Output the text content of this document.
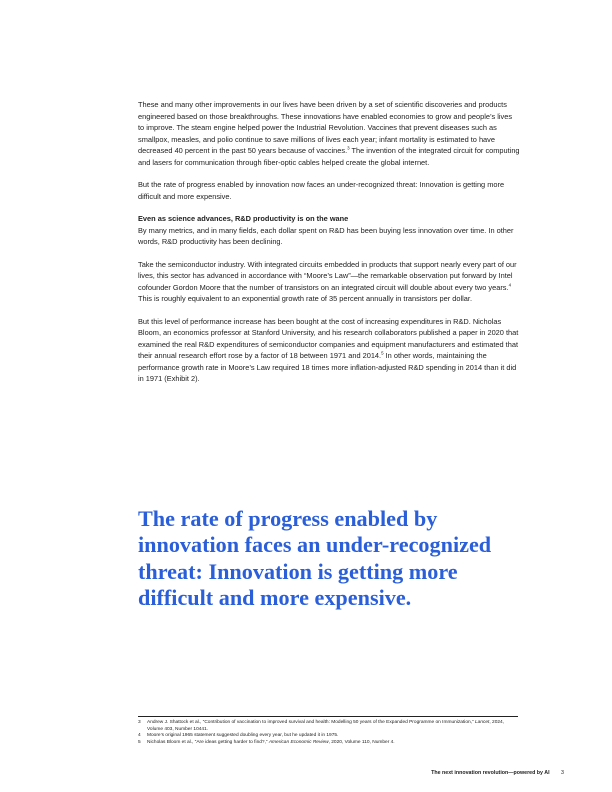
These and many other improvements in our lives have been driven by a set of scientific discoveries and products engineered based on those breakthroughs. These innovations have enabled economies to grow and people’s lives to improve. The steam engine helped power the Industrial Revolution. Vaccines that prevent diseases such as smallpox, measles, and polio continue to save millions of lives each year; infant mortality is estimated to have decreased 40 percent in the past 50 years because of vaccines.$^3$ The invention of the integrated circuit for computing and lasers for communication through fiber-optic cables helped create the global internet.

But the rate of progress enabled by innovation now faces an under-recognized threat: Innovation is getting more difficult and more expensive.

Even as science advances, R&D productivity is on the wane

By many metrics, and in many fields, each dollar spent on R&D has been buying less innovation over time. In other words, R&D productivity has been declining.

Take the semiconductor industry. With integrated circuits embedded in products that support nearly every part of our lives, this sector has advanced in accordance with “Moore’s Law”—the remarkable observation put forward by Intel cofounder Gordon Moore that the number of transistors on an integrated circuit will double about every two years.$^4$ This is roughly equivalent to an exponential growth rate of 35 percent annually in transistors per dollar.

But this level of performance increase has been bought at the cost of increasing expenditures in R&D. Nicholas Bloom, an economics professor at Stanford University, and his research collaborators published a paper in 2020 that examined the real R&D expenditures of semiconductor companies and equipment manufacturers and estimated that their annual research effort rose by a factor of 18 between 1971 and 2014.$^5$ In other words, maintaining the performance growth rate in Moore’s Law required 18 times more inflation-adjusted R&D spending in 2014 than it did in 1971 (Exhibit 2).

The rate of progress enabled by innovation faces an under-recognized threat: Innovation is getting more difficult and more expensive.
3	Andrew J. Shattock et al., “Contribution of vaccination to improved survival and health: Modelling 50 years of the Expanded Programme on Immunization,” Lancet, 2024, Volume 403, Number 10441.
4	Moore’s original 1965 statement suggested doubling every year, but he updated it in 1975.
5	Nicholas Bloom et al., “Are ideas getting harder to find?,” American Economic Review, 2020, Volume 110, Number 4.
The next innovation revolution—powered by AI 3
